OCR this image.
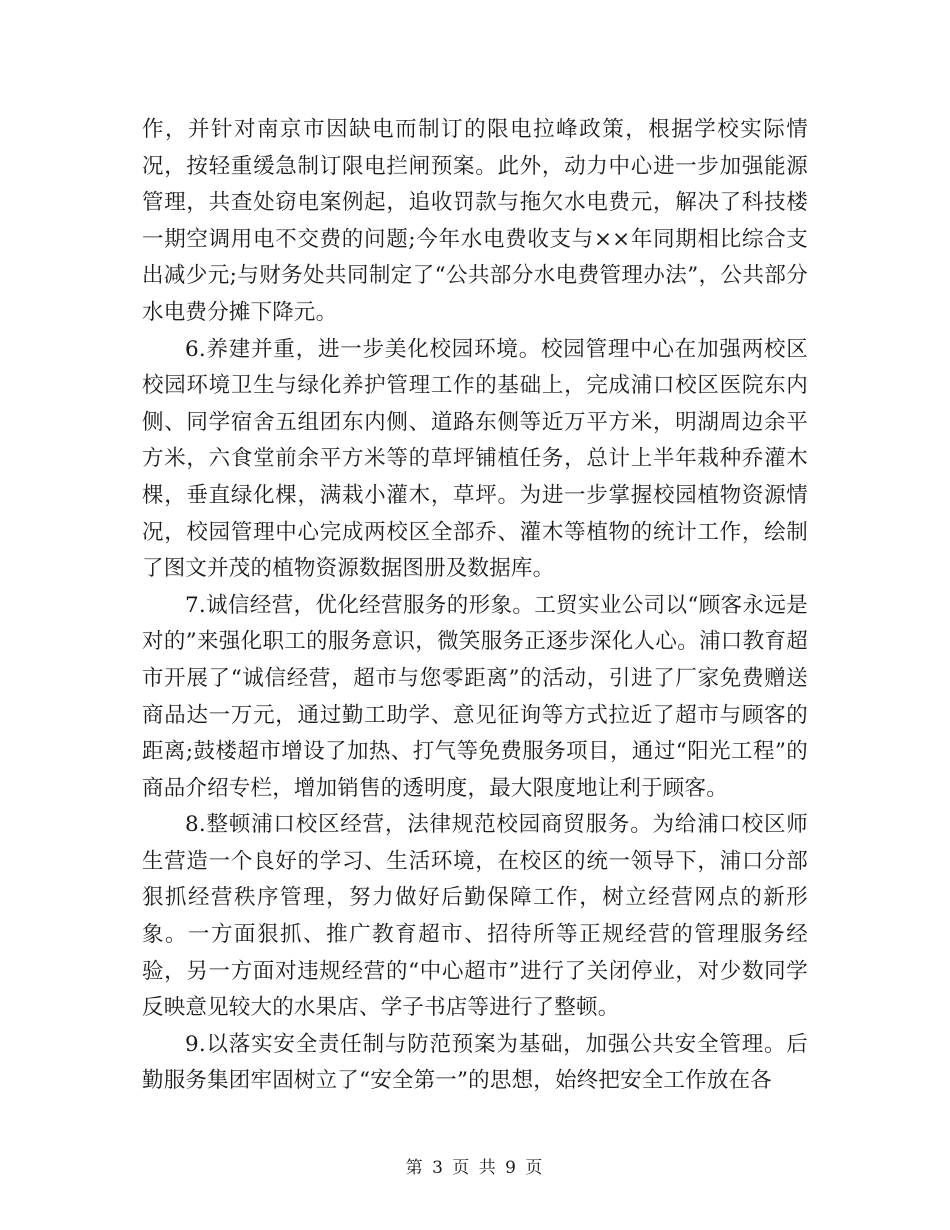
作，并针对南京市因缺电而制订的限电拉峰政策，根据学校实际情况，按轻重缓急制订限电拦闸预案。此外，动力中心进一步加强能源管理，共查处窃电案例起，追收罚款与拖欠水电费元，解决了科技楼一期空调用电不交费的问题;今年水电费收支与××年同期相比综合支出减少元;与财务处共同制定了“公共部分水电费管理办法”，公共部分水电费分摊下降元。

6.养建并重，进一步美化校园环境。校园管理中心在加强两校区校园环境卫生与绿化养护管理工作的基础上，完成浦口校区医院东内侧、同学宿舍五组团东内侧、道路东侧等近万平方米，明湖周边余平方米，六食堂前余平方米等的草坪铺植任务，总计上半年栽种乔灌木棵，垂直绿化棵，满栽小灌木，草坪。为进一步掌握校园植物资源情况，校园管理中心完成两校区全部乔、灌木等植物的统计工作，绘制了图文并茂的植物资源数据图册及数据库。

7.诚信经营，优化经营服务的形象。工贸实业公司以“顾客永远是对的”来强化职工的服务意识，微笑服务正逐步深化人心。浦口教育超市开展了“诚信经营，超市与您零距离”的活动，引进了厂家免费赠送商品达一万元，通过勤工助学、意见征询等方式拉近了超市与顾客的距离;鼓楼超市增设了加热、打气等免费服务项目，通过“阳光工程”的商品介绍专栏，增加销售的透明度，最大限度地让利于顾客。

8.整顿浦口校区经营，法律规范校园商贸服务。为给浦口校区师生营造一个良好的学习、生活环境，在校区的统一领导下，浦口分部狠抓经营秩序管理，努力做好后勤保障工作，树立经营网点的新形象。一方面狠抓、推广教育超市、招待所等正规经营的管理服务经验，另一方面对违规经营的“中心超市”进行了关闭停业，对少数同学反映意见较大的水果店、学子书店等进行了整顿。

9.以落实安全责任制与防范预案为基础，加强公共安全管理。后勤服务集团牢固树立了“安全第一”的思想，始终把安全工作放在各

第 3 页 共 9 页
